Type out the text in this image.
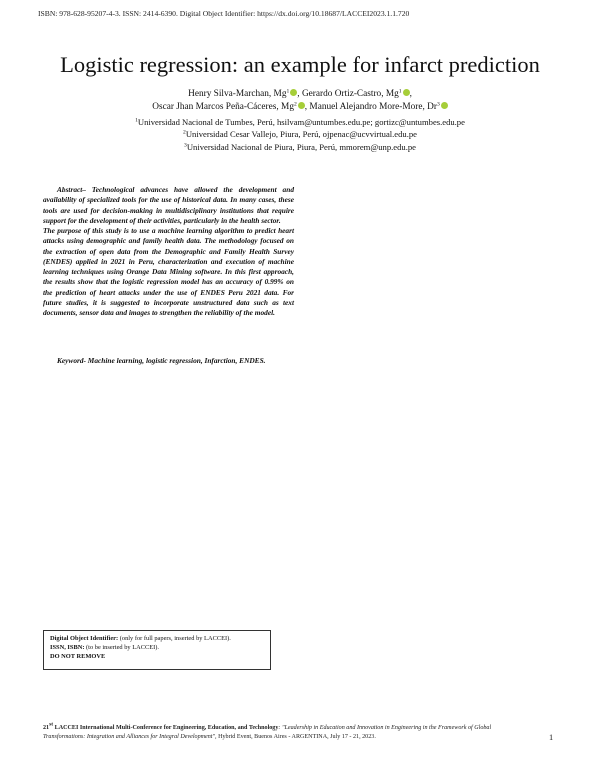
ISBN: 978-628-95207-4-3. ISSN: 2414-6390. Digital Object Identifier: https://dx.doi.org/10.18687/LACCEI2023.1.1.720
Logistic regression: an example for infarct prediction
Henry Silva-Marchan, Mg$^1$ , Gerardo Ortiz-Castro, Mg$^1$ ,
Oscar Jhan Marcos Peña-Cáceres, Mg$^2$ , Manuel Alejandro More-More, Dr$^3$
$^1$Universidad Nacional de Tumbes, Perú, hsilvam@untumbes.edu.pe; gortizc@untumbes.edu.pe
$^2$Universidad Cesar Vallejo, Piura, Perú, ojpenac@ucvvirtual.edu.pe
$^3$Universidad Nacional de Piura, Piura, Perú, mmorem@unp.edu.pe

Abstract– Technological advances have allowed the development and availability of specialized tools for the use of historical data. In many cases, these tools are used for decision-making in multidisciplinary institutions that require support for the development of their activities, particularly in the health sector.

The purpose of this study is to use a machine learning algorithm to predict heart attacks using demographic and family health data. The methodology focused on the extraction of open data from the Demographic and Family Health Survey (ENDES) applied in 2021 in Peru, characterization and execution of machine learning techniques using Orange Data Mining software. In this first approach, the results show that the logistic regression model has an accuracy of 0.99% on the prediction of heart attacks under the use of ENDES Peru 2021 data. For future studies, it is suggested to incorporate unstructured data such as text documents, sensor data and images to strengthen the reliability of the model.

Keyword- Machine learning, logistic regression, Infarction, ENDES.

Digital Object Identifier: (only for full papers, inserted by LACCEI).
ISSN, ISBN: (to be inserted by LACCEI).
DO NOT REMOVE
21st LACCEI International Multi-Conference for Engineering, Education, and Technology: "Leadership in Education and Innovation in Engineering in the Framework of Global
Transformations: Integration and Alliances for Integral Development", Hybrid Event, Buenos Aires - ARGENTINA, July 17 - 21, 2023.	1
